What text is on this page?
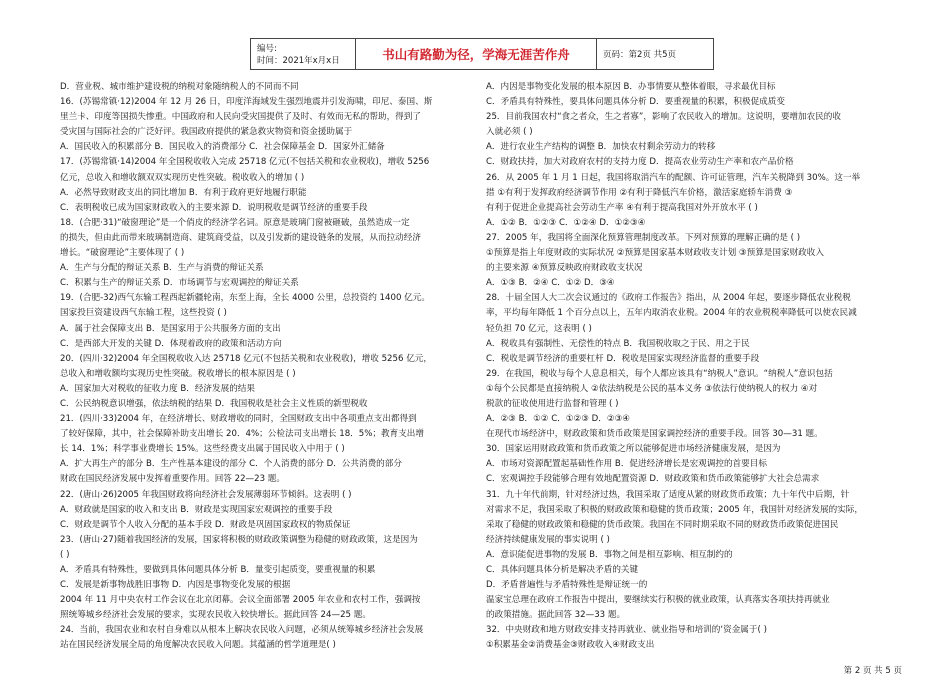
编号:
时间：2021年x月x日	书山有路勤为径，学海无涯苦作舟	页码：第2页 共5页
D．营业税、城市维护建设税的纳税对象随纳税人的不同而不同
16．(苏锡常镇·12)2004 年 12 月 26 日，印度洋海域发生强烈地震并引发海啸，印尼、泰国、斯
里兰卡、印度等国损失惨重。中国政府和人民向受灾国提供了及时、有效而无私的帮助，得到了
受灾国与国际社会的广泛好评。我国政府提供的紧急救灾物资和资金援助属于
A．国民收入的积累部分 B．国民收入的消费部分 C．社会保障基金 D．国家外汇储备
17．(苏锡常镇·14)2004 年全国税收收入完成 25718 亿元(不包括关税和农业税收)，增收 5256
亿元，总收入和增收额双双实现历史性突破。税收收入的增加 ( )
A．必然导致财政支出的同比增加 B．有利于政府更好地履行职能
C．表明税收已成为国家财政收入的主要来源 D．说明税收是调节经济的重要手段
18．(合肥·31)“破窗理论”是一个俏皮的经济学名词。原意是玻璃门窗被砸破，虽然造成一定
的损失，但由此而带来玻璃制造商、建筑商受益，以及引发新的建设链条的发展，从而拉动经济
增长。“破窗理论”主要体现了 ( )
A．生产与分配的辩证关系 B．生产与消费的辩证关系
C．积累与生产的辩证关系 D．市场调节与宏观调控的辩证关系
19．(合肥-32)西气东输工程西起新疆轮南，东至上海，全长 4000 公里，总投资约 1400 亿元。
国家投巨资建设西气东输工程，这些投资 ( )
A．属于社会保障支出 B．是国家用于公共服务方面的支出
C．是西部大开发的关键 D．体现着政府的政策和活动方向
20．(四川·32)2004 年全国税收收入达 25718 亿元(不包括关税和农业税收)，增收 5256 亿元，
总收入和增收额均实现历史性突破。税收增长的根本原因是 ( )
A．国家加大对税收的征收力度 B．经济发展的结果
C．公民纳税意识增强，依法纳税的结果 D．我国税收是社会主义性质的新型税收
21．(四川·33)2004 年，在经济增长、财政增收的同时，全国财政支出中各项重点支出都得到
了较好保障，其中，社会保障补助支出增长 20．4%；公检法司支出增长 18．5%；教育支出增
长 14．1%；科学事业费增长 15%。这些经费支出属于国民收入中用于 ( )
A．扩大再生产的部分 B．生产性基本建设的部分 C．个人消费的部分 D．公共消费的部分
财政在国民经济发展中发挥着重要作用。回答 22—23 题。
22．(唐山·26)2005 年我国财政将向经济社会发展薄弱环节倾斜。这表明 ( )
A．财政就是国家的收入和支出 B．财政是实现国家宏观调控的重要手段
C．财政是调节个人收入分配的基本手段 D．财政是巩固国家政权的物质保证
23．(唐山·27)随着我国经济的发展，国家将积极的财政政策调整为稳健的财政政策，这是因为
( )
A．矛盾具有特殊性，要做到具体问题具体分析 B．量变引起质变，要重视量的积累
C．发展是新事物战胜旧事物 D．内因是事物变化发展的根据
2004 年 11 月中央农村工作会议在北京闭幕。会议全面部署 2005 年农业和农村工作，强调按
照统筹城乡经济社会发展的要求，实现农民收入较快增长。据此回答 24—25 题。
24．当前，我国农业和农村自身难以从根本上解决农民收入问题，必须从统筹城乡经济社会发展
站在国民经济发展全局的角度解决农民收入问题。其蕴涵的哲学道理是( )
A．内因是事物变化发展的根本原因 B．办事情要从整体着眼，寻求最优目标
C．矛盾具有特殊性，要具体问题具体分析 D．要重视量的积累，积极促成质变
25．目前我国农村“食之者众，生之者寡”，影响了农民收入的增加。这说明，要增加农民的收
入就必须 ( )
A．进行农业生产结构的调整 B．加快农村剩余劳动力的转移
C．财政扶持，加大对政府农村的支持力度 D．提高农业劳动生产率和农产品价格
26．从 2005 年 1 月 1 日起，我国将取消汽车的配额、许可证管理，汽车关税降到 30%。这一举
措 ①有利于发挥政府经济调节作用 ②有利于降低汽车价格，激活家庭轿车消费 ③
有利于促进企业提高社会劳动生产率 ④有利于提高我国对外开放水平 ( )
A．①② B．①②③ C．①②④ D．①②③④
27．2005 年，我国将全面深化预算管理制度改革。下列对预算的理解正确的是 ( )
①预算是指上年度财政的实际状况 ②预算是国家基本财政收支计划 ③预算是国家财政收入
的主要来源 ④预算反映政府财政收支状况
A．①③ B．②④ C．①② D．③④
28．十届全国人大二次会议通过的《政府工作报告》指出，从 2004 年起，要逐步降低农业税税
率，平均每年降低 1 个百分点以上，五年内取消农业税。2004 年的农业税税率降低可以使农民减
轻负担 70 亿元，这表明 ( )
A．税收具有强制性、无偿性的特点 B．我国税收取之于民、用之于民
C．税收是调节经济的重要杠杆 D．税收是国家实现经济监督的重要手段
29．在我国，税收与每个人息息相关，每个人都应该具有“纳税人”意识。“纳税人”意识包括
①每个公民都是直接纳税人 ②依法纳税是公民的基本义务 ③依法行使纳税人的权力 ④对
税款的征收使用进行监督和管理 ( )
A．②③ B．①② C．①②③ D．②③④
在现代市场经济中，财政政策和货币政策是国家调控经济的重要手段。回答 30—31 题。
30．国家运用财政政策和货币政策之所以能够促进市场经济健康发展，是因为
A．市场对资源配置起基础性作用 B．促进经济增长是宏观调控的首要目标
C．宏观调控手段能够合理有效地配置资源 D．财政政策和货币政策能够扩大社会总需求
31．九十年代前期，针对经济过热，我国采取了适度从紧的财政货币政策；九十年代中后期，针
对需求不足，我国采取了积极的财政政策和稳健的货币政策；2005 年，我国针对经济发展的实际，
采取了稳健的财政政策和稳健的货币政策。我国在不同时期采取不同的财政货币政策促进国民
经济持续健康发展的事实说明 ( )
A．意识能促进事物的发展 B．事物之间是相互影响、相互制约的
C．具体问题具体分析是解决矛盾的关键
D．矛盾普遍性与矛盾特殊性是辩证统一的
温家宝总理在政府工作报告中提出，要继续实行积极的就业政策，认真落实各项扶持再就业
的政策措施。据此回答 32—33 题。
32．中央财政和地方财政安排支持再就业、就业指导和培训的‘资金属于( )
①积累基金②消费基金③财政收入④财政支出
第 2 页 共 5 页
